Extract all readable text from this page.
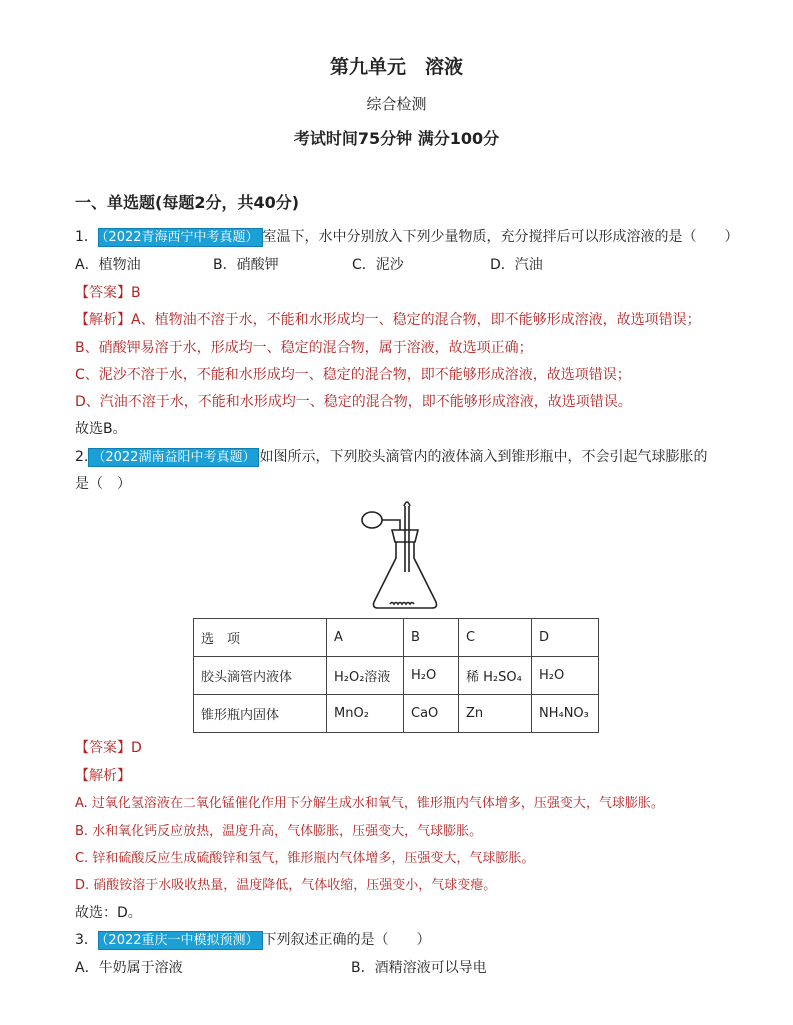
第九单元　溶液
综合检测
考试时间75分钟 满分100分
一、单选题(每题2分，共40分)
1． （2022青海西宁中考真题） 室温下，水中分别放入下列少量物质，充分搅拌后可以形成溶液的是（　　）
A．植物油	B．硝酸钾	C．泥沙	D．汽油
【答案】B
【解析】A、植物油不溶于水，不能和水形成均一、稳定的混合物，即不能够形成溶液，故选项错误；
B、硝酸钾易溶于水，形成均一、稳定的混合物，属于溶液，故选项正确；
C、泥沙不溶于水，不能和水形成均一、稳定的混合物，即不能够形成溶液，故选项错误；
D、汽油不溶于水，不能和水形成均一、稳定的混合物，即不能够形成溶液，故选项错误。
故选B。
2. （2022湖南益阳中考真题） 如图所示，下列胶头滴管内的液体滴入到锥形瓶中，不会引起气球膨胀的
是（　）
选　项	A	B	C	D
胶头滴管内液体	H₂O₂溶液	H₂O	稀 H₂SO₄	H₂O
锥形瓶内固体	MnO₂	CaO	Zn	NH₄NO₃
【答案】D
【解析】
A. 过氧化氢溶液在二氧化锰催化作用下分解生成水和氧气，锥形瓶内气体增多，压强变大，气球膨胀。
B. 水和氧化钙反应放热，温度升高，气体膨胀，压强变大，气球膨胀。
C. 锌和硫酸反应生成硫酸锌和氢气，锥形瓶内气体增多，压强变大，气球膨胀。
D. 硝酸铵溶于水吸收热量，温度降低，气体收缩，压强变小，气球变瘪。
故选：D。
3． （2022重庆一中模拟预测） 下列叙述正确的是（　　）
A．牛奶属于溶液	B．酒精溶液可以导电
